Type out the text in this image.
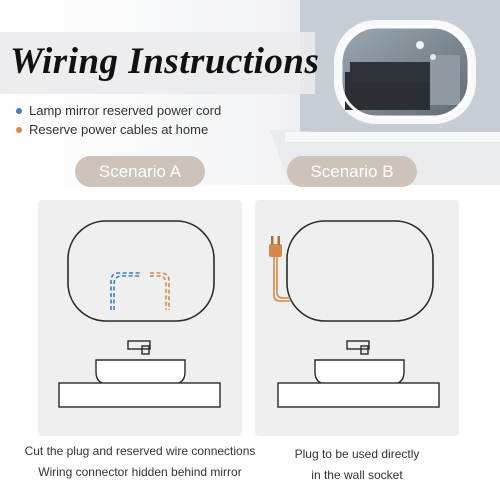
Wiring Instructions
Lamp mirror reserved power cord
Reserve power cables at home
Scenario A	Scenario B
Cut the plug and reserved wire connections
Wiring connector hidden behind mirror
Plug to be used directly
in the wall socket
